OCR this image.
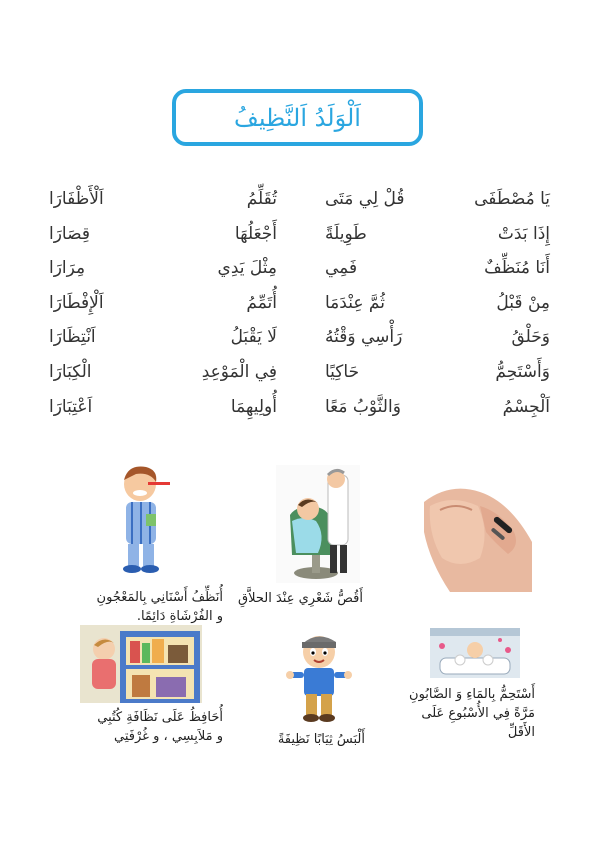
اَلْوَلَدُ اَلنَّظِيفُ
يَا مُصْطَفَى
قُلْ لِي مَتَى
إِذَا بَدَتْ
طَوِيلَةً
أَنَا مُنَظِّفٌ
فَمِي
مِنْ قَبْلُ
ثُمَّ عِنْدَمَا
وَحَلْقُ
رَأْسِي وَقْتُهُ
وَأَسْتَحِمُّ
حَاكِيًا
اَلْجِسْمُ
وَالثَّوْبُ مَعًا
تُقَلِّمُ
اَلْأَظْفَارَا
أَجْعَلُهَا
قِصَارَا
مِثْلَ يَدِي
مِرَارَا
أُتَمِّمُ
اَلْإِفْطَارَا
لَا يَقْبَلُ
اَنْتِظَارَا
فِي الْمَوْعِدِ
الْكِبَارَا
أُولِيهِمَا
اَعْتِبَارَا
أُنَظِّفُ أَسْنَانِي بِالمَعْجُونِ
و الفُرْشَاةِ دَائِمًا.
أَقُصُّ شَعْرِي عِنْدَ الحلاَّقِ
أُحَافِظُ عَلَى نَظَافَةِ كُتُبِي
و مَلاَبِسِي ، و غُرْفَتِي	أَلْبَسُ ثِيَابًا نَظِيفَةً
أَسْتَحِمُّ بِالمَاءِ وَ الصَّابُونِ
مَرَّةً فِي الأُسْبُوعِ عَلَى
الأَقَلِّ
